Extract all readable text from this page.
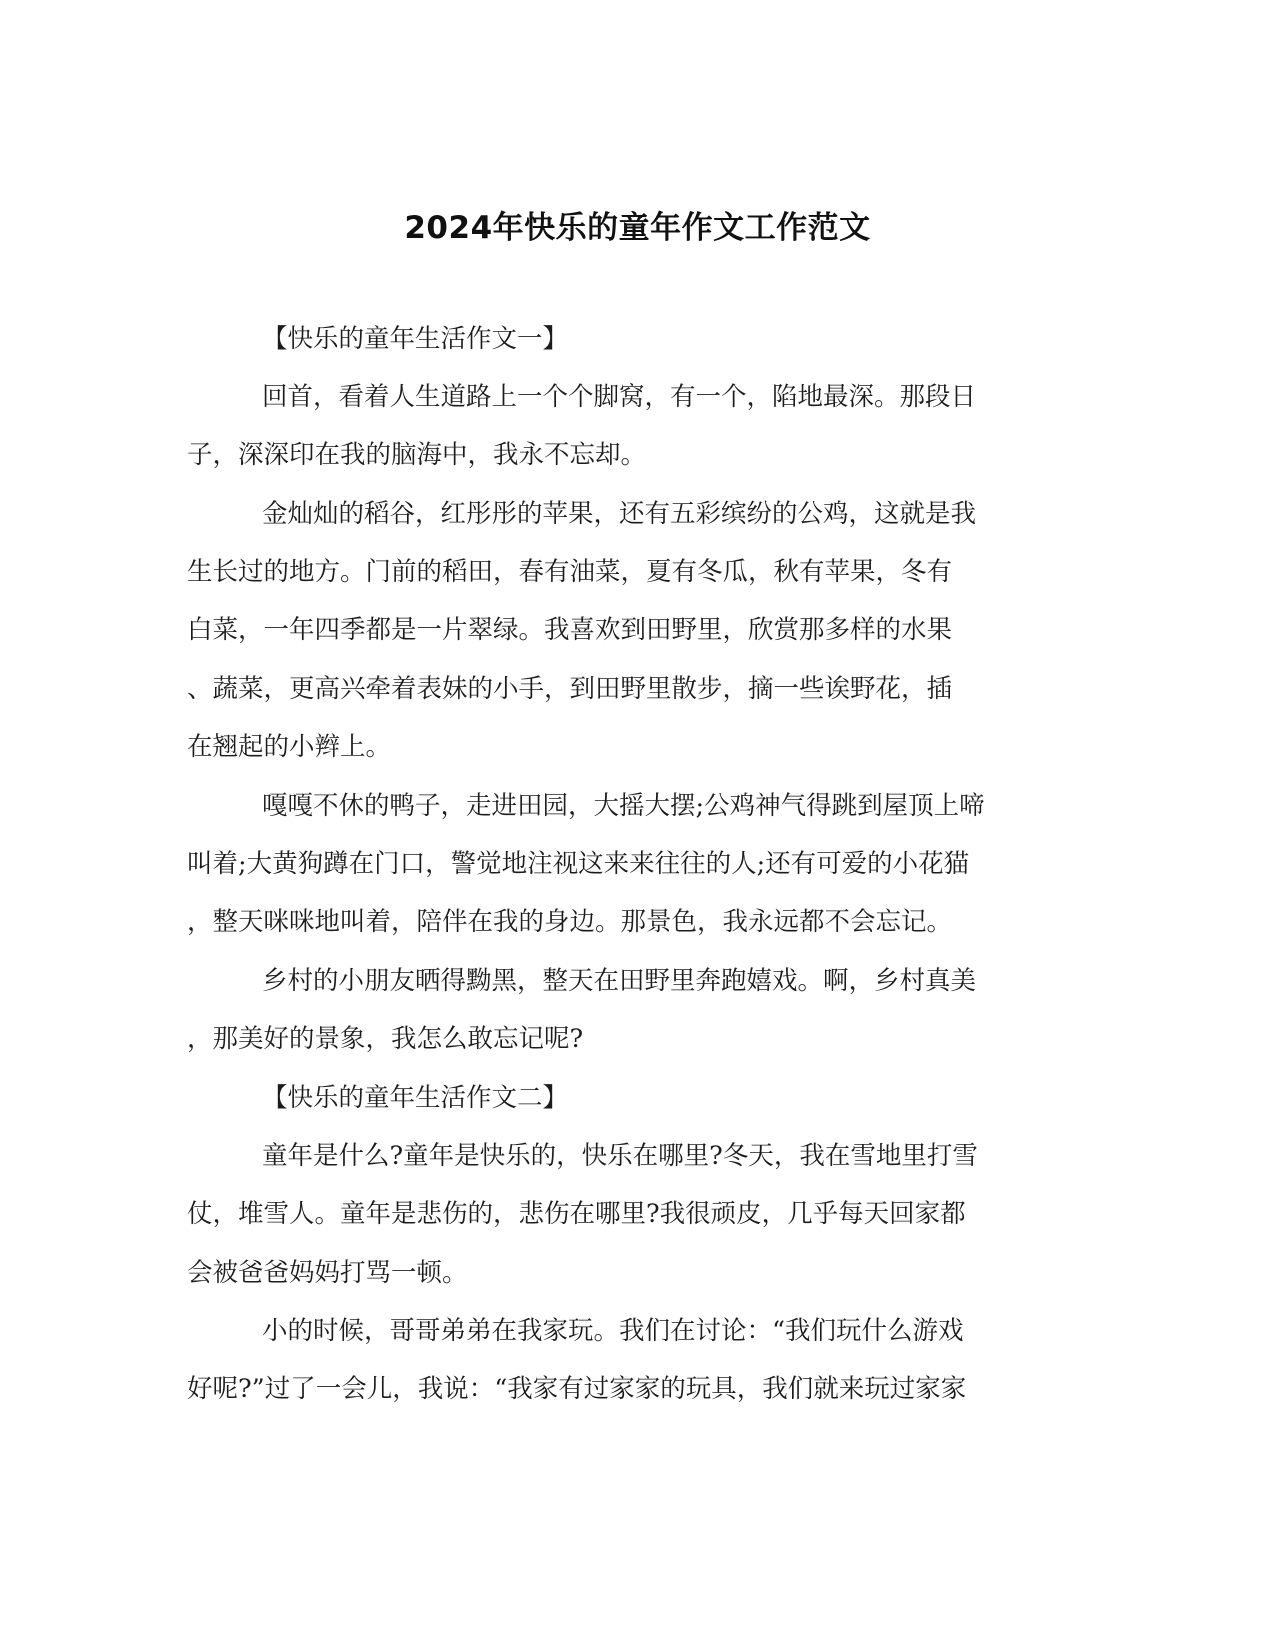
2024年快乐的童年作文工作范文
【快乐的童年生活作文一】
回首，看着人生道路上一个个脚窝，有一个，陷地最深。那段日
子，深深印在我的脑海中，我永不忘却。
金灿灿的稻谷，红彤彤的苹果，还有五彩缤纷的公鸡，这就是我
生长过的地方。门前的稻田，春有油菜，夏有冬瓜，秋有苹果，冬有
白菜，一年四季都是一片翠绿。我喜欢到田野里，欣赏那多样的水果
、蔬菜，更高兴牵着表妹的小手，到田野里散步，摘一些诶野花，插
在翘起的小辫上。
嘎嘎不休的鸭子，走进田园，大摇大摆;公鸡神气得跳到屋顶上啼
叫着;大黄狗蹲在门口，警觉地注视这来来往往的人;还有可爱的小花猫
，整天咪咪地叫着，陪伴在我的身边。那景色，我永远都不会忘记。
乡村的小朋友晒得黝黑，整天在田野里奔跑嬉戏。啊，乡村真美
，那美好的景象，我怎么敢忘记呢?
【快乐的童年生活作文二】
童年是什么?童年是快乐的，快乐在哪里?冬天，我在雪地里打雪
仗，堆雪人。童年是悲伤的，悲伤在哪里?我很顽皮，几乎每天回家都
会被爸爸妈妈打骂一顿。
小的时候，哥哥弟弟在我家玩。我们在讨论：“我们玩什么游戏
好呢?”过了一会儿，我说：“我家有过家家的玩具，我们就来玩过家家
